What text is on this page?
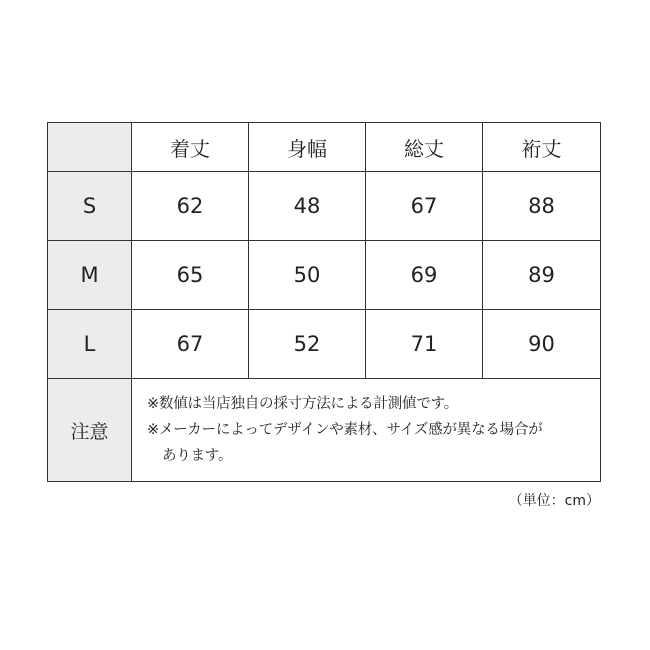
	着丈	身幅	総丈	裄丈
S	62	48	67	88
M	65	50	69	89
L	67	52	71	90
注意	※数値は当店独自の採寸方法による計測値です。
※メーカーによってデザインや素材、サイズ感が異なる場合が
あります。			
（単位：cm）
